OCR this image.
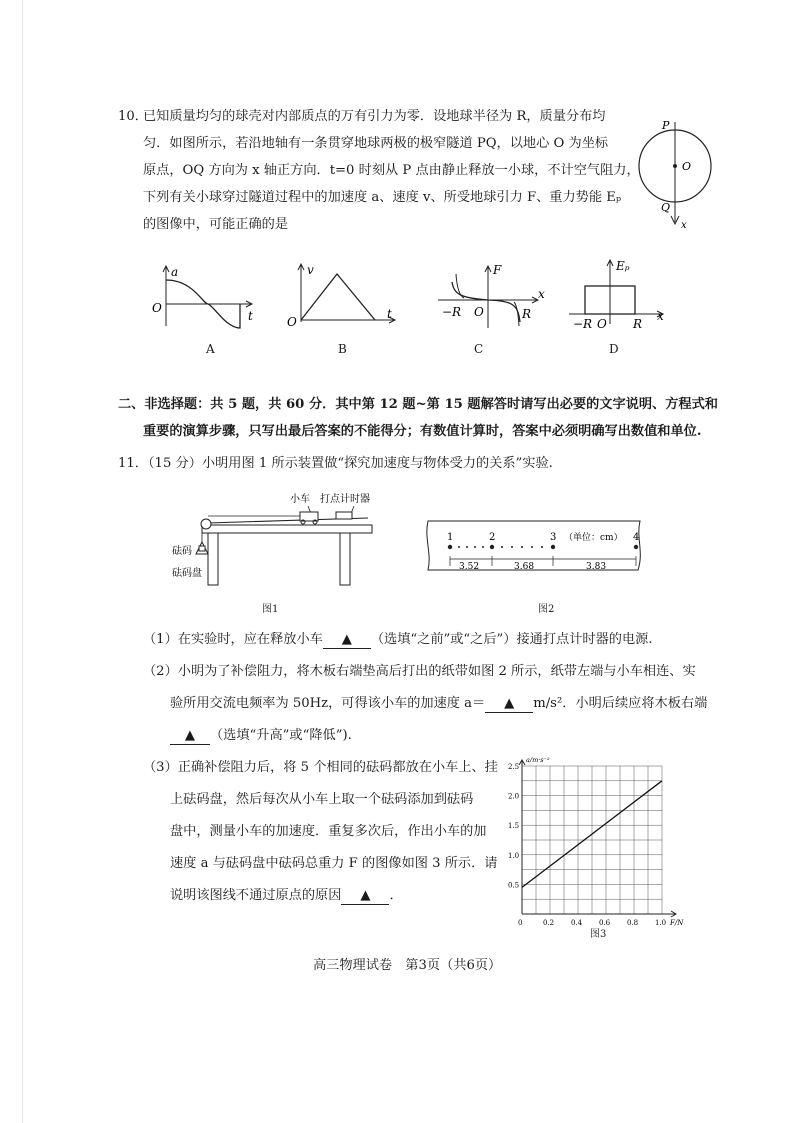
10．
已知质量均匀的球壳对内部质点的万有引力为零．设地球半径为 R，质量分布均
匀．如图所示，若沿地轴有一条贯穿地球两极的极窄隧道 PQ，以地心 O 为坐标
原点，OQ 方向为 x 轴正方向．t=0 时刻从 P 点由静止释放一小球，不计空气阻力，
下列有关小球穿过隧道过程中的加速度 a、速度 v、所受地球引力 F、重力势能 Eₚ
的图像中，可能正确的是
P
O
Q
x
a
O
t
A
v
O
t
B
F
−R O	R
x
C
Eₚ
−R O R
x
D
二、非选择题：共 5 题，共 60 分．其中第 12 题~第 15 题解答时请写出必要的文字说明、方程式和
重要的演算步骤，只写出最后答案的不能得分；有数值计算时，答案中必须明确写出数值和单位.
11．（15 分）小明用图 1 所示装置做“探究加速度与物体受力的关系”实验.
小车　打点计时器
砝码
砝码盘
图1
1	2	3 （单位：cm） 4
3.52	3.68	3.83
图2
（1）在实验时，应在释放小车 ▲ （选填“之前”或“之后”）接通打点计时器的电源.
（2）小明为了补偿阻力，将木板右端垫高后打出的纸带如图 2 所示，纸带左端与小车相连、实
验所用交流电频率为 50Hz，可得该小车的加速度 a＝ ▲ m/s²．小明后续应将木板右端
▲ （选填“升高”或“降低”).
（3）正确补偿阻力后，将 5 个相同的砝码都放在小车上、挂
上砝码盘，然后每次从小车上取一个砝码添加到砝码
盘中，测量小车的加速度．重复多次后，作出小车的加
速度 a 与砝码盘中砝码总重力 F 的图像如图 3 所示．请
说明该图线不通过原点的原因 ▲ ．
0.2 0.4 0.6 0.8 1.0
0.5
1.0
1.5
2.0
2.5
0
a/m·s⁻²
F/N
图3
高三物理试卷　第3页（共6页）
